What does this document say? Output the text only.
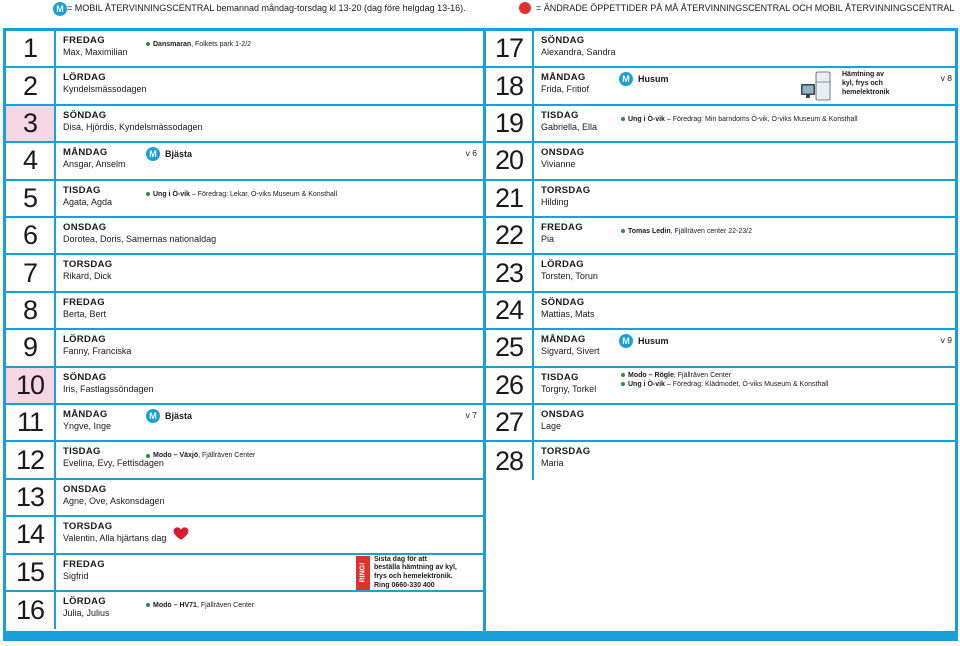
M = MOBIL ÅTERVINNINGSCENTRAL bemannad måndag-torsdag kl 13-20 (dag före helgdag 13-16).	= ÄNDRADE ÖPPETTIDER PÅ MÅ ÅTERVINNINGSCENTRAL OCH MOBIL ÅTERVINNINGSCENTRAL
1	FREDAG
Max, Maximilian
Dansmaran, Folkets park 1-2/2
2	LÖRDAG
Kyndelsmässodagen
3	SÖNDAG
Disa, Hjördis, Kyndelsmässodagen
4	MÅNDAG
Ansgar, Anselm
M Bjästa	v 6
5	TISDAG
Agata, Agda
Ung i Ö-vik – Föredrag: Lekar, Ö-viks Museum & Konsthall
6	ONSDAG
Dorotea, Doris, Samernas nationaldag
7	TORSDAG
Rikard, Dick
8	FREDAG
Berta, Bert
9	LÖRDAG
Fanny, Franciska
10	SÖNDAG
Iris, Fastlagssöndagen
11	MÅNDAG
Yngve, Inge
M Bjästa	v 7
12	TISDAG
Evelina, Evy, Fettisdagen
Modo – Växjö, Fjällräven Center
13	ONSDAG
Agne, Ove, Askonsdagen
14	TORSDAG
Valentin, Alla hjärtans dag
15	FREDAG
Sigfrid	RING!
Sista dag för att
beställa hämtning av kyl,
frys och hemelektronik.
Ring 0660-330 400
16	LÖRDAG
Julia, Julius
Modo – HV71, Fjällräven Center
17	SÖNDAG
Alexandra, Sandra
18	MÅNDAG
Frida, Fritiof
M Husum	v 8
Hämtning av
kyl, frys och
hemelektronik
19	TISDAG
Gabriella, Ella
Ung i Ö-vik – Föredrag: Min barndoms Ö-vik, Ö-viks Museum & Konsthall
20	ONSDAG
Vivianne
21	TORSDAG
Hilding
22	FREDAG
Pia
Tomas Ledin, Fjällräven center 22-23/2
23	LÖRDAG
Torsten, Torun
24	SÖNDAG
Mattias, Mats
25	MÅNDAG
Sigvard, Sivert
M Husum	v 9
26	TISDAG
Torgny, Torkel
Modo – Rögle, Fjällräven Center
Ung i Ö-vik – Föredrag: Klädmodet, Ö-viks Museum & Konsthall
27	ONSDAG
Lage
28	TORSDAG
Maria
